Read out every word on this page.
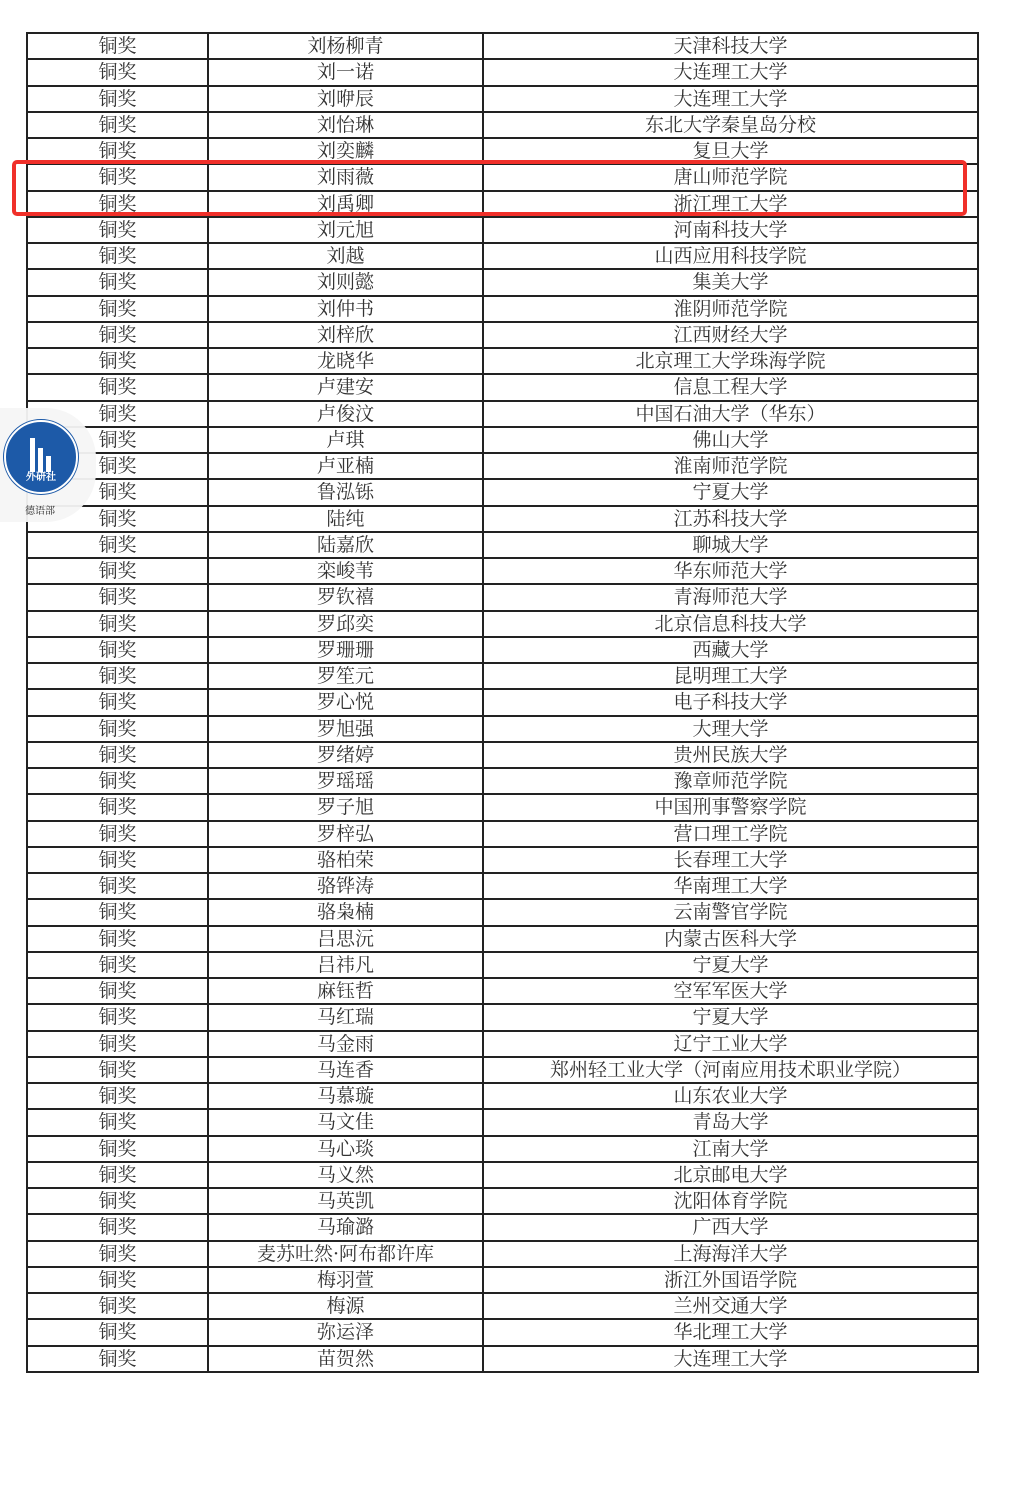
铜奖	刘杨柳青	天津科技大学
铜奖	刘一诺	大连理工大学
铜奖	刘咿辰	大连理工大学
铜奖	刘怡琳	东北大学秦皇岛分校
铜奖	刘奕麟	复旦大学
铜奖	刘雨薇	唐山师范学院
铜奖	刘禹卿	浙江理工大学
铜奖	刘元旭	河南科技大学
铜奖	刘越	山西应用科技学院
铜奖	刘则懿	集美大学
铜奖	刘仲书	淮阴师范学院
铜奖	刘梓欣	江西财经大学
铜奖	龙晓华	北京理工大学珠海学院
铜奖	卢建安	信息工程大学
铜奖	卢俊汶	中国石油大学（华东）
铜奖	卢琪	佛山大学
铜奖	卢亚楠	淮南师范学院
铜奖	鲁泓铄	宁夏大学
铜奖	陆纯	江苏科技大学
铜奖	陆嘉欣	聊城大学
铜奖	栾峻苇	华东师范大学
铜奖	罗钦禧	青海师范大学
铜奖	罗邱奕	北京信息科技大学
铜奖	罗珊珊	西藏大学
铜奖	罗笙元	昆明理工大学
铜奖	罗心悦	电子科技大学
铜奖	罗旭强	大理大学
铜奖	罗绪婷	贵州民族大学
铜奖	罗瑶瑶	豫章师范学院
铜奖	罗子旭	中国刑事警察学院
铜奖	罗梓弘	营口理工学院
铜奖	骆柏荣	长春理工大学
铜奖	骆铧涛	华南理工大学
铜奖	骆枭楠	云南警官学院
铜奖	吕思沅	内蒙古医科大学
铜奖	吕祎凡	宁夏大学
铜奖	麻钰哲	空军军医大学
铜奖	马红瑞	宁夏大学
铜奖	马金雨	辽宁工业大学
铜奖	马连香	郑州轻工业大学（河南应用技术职业学院）
铜奖	马慕璇	山东农业大学
铜奖	马文佳	青岛大学
铜奖	马心琰	江南大学
铜奖	马义然	北京邮电大学
铜奖	马英凯	沈阳体育学院
铜奖	马瑜潞	广西大学
铜奖	麦苏吐然·阿布都许库	上海海洋大学
铜奖	梅羽萱	浙江外国语学院
铜奖	梅源	兰州交通大学
铜奖	弥运泽	华北理工大学
铜奖	苗贺然	大连理工大学
外研社
德语部
